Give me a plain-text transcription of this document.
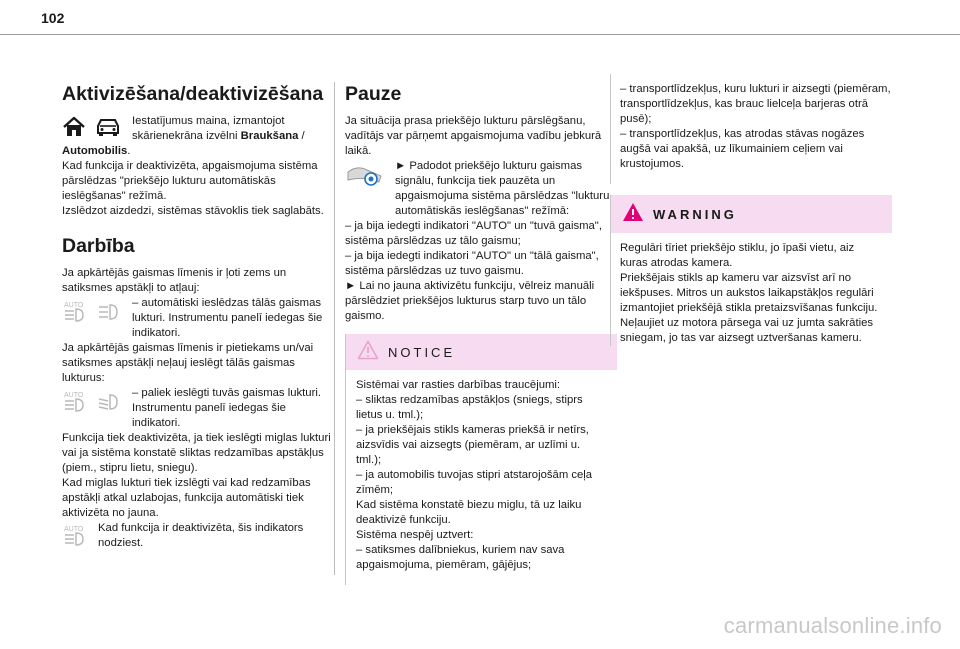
102
Aktivizēšana/deaktivizēšana
Iestatījumus maina, izmantojot skārienekrāna izvēlni Braukšana /
Automobilis.
Kad funkcija ir deaktivizēta, apgaismojuma sistēma pārslēdzas "priekšējo lukturu automātiskās ieslēgšanas" režīmā.
Izslēdzot aizdedzi, sistēmas stāvoklis tiek saglabāts.
Darbība
Ja apkārtējās gaismas līmenis ir ļoti zems un satiksmes apstākļi to atļauj:
AUTO	– automātiski ieslēdzas tālās gaismas lukturi. Instrumentu panelī iedegas šie indikatori.
Ja apkārtējās gaismas līmenis ir pietiekams un/vai satiksmes apstākļi neļauj ieslēgt tālās gaismas lukturus:
AUTO	– paliek ieslēgti tuvās gaismas lukturi. Instrumentu panelī iedegas šie indikatori.
Funkcija tiek deaktivizēta, ja tiek ieslēgti miglas lukturi vai ja sistēma konstatē sliktas redzamības apstākļus (piem., stipru lietu, sniegu).
Kad miglas lukturi tiek izslēgti vai kad redzamības apstākļi atkal uzlabojas, funkcija automātiski tiek aktivizēta no jauna.
AUTO Kad funkcija ir deaktivizēta, šis indikators nodziest.
Pauze
Ja situācija prasa priekšējo lukturu pārslēgšanu, vadītājs var pārņemt apgaismojuma vadību jebkurā laikā.
► Padodot priekšējo lukturu gaismas signālu, funkcija tiek pauzēta un apgaismojuma sistēma pārslēdzas "lukturu automātiskās ieslēgšanas" režīmā:
– ja bija iedegti indikatori "AUTO" un "tuvā gaisma", sistēma pārslēdzas uz tālo gaismu;
– ja bija iedegti indikatori "AUTO" un "tālā gaisma", sistēma pārslēdzas uz tuvo gaismu.
► Lai no jauna aktivizētu funkciju, vēlreiz manuāli pārslēdziet priekšējos lukturus starp tuvo un tālo gaismo.
NOTICE
Sistēmai var rasties darbības traucējumi:
– sliktas redzamības apstākļos (sniegs, stiprs lietus u. tml.);
– ja priekšējais stikls kameras priekšā ir netīrs, aizsvīdis vai aizsegts (piemēram, ar uzlīmi u. tml.);
– ja automobilis tuvojas stipri atstarojošām ceļa zīmēm;
Kad sistēma konstatē biezu miglu, tā uz laiku deaktivizē funkciju.
Sistēma nespēj uztvert:
– satiksmes dalībniekus, kuriem nav sava apgaismojuma, piemēram, gājējus;
– transportlīdzekļus, kuru lukturi ir aizsegti (piemēram, transportlīdzekļus, kas brauc lielceļa barjeras otrā pusē);
– transportlīdzekļus, kas atrodas stāvas nogāzes augšā vai apakšā, uz līkumainiem ceļiem vai krustojumos.
WARNING
Regulāri tīriet priekšējo stiklu, jo īpaši vietu, aiz kuras atrodas kamera.
Priekšējais stikls ap kameru var aizsvīst arī no iekšpuses. Mitros un aukstos laikapstākļos regulāri izmantojiet priekšējā stikla pretaizsvīšanas funkciju.
Neļaujiet uz motora pārsega vai uz jumta sakrāties sniegam, jo tas var aizsegt uztveršanas kameru.
carmanualsonline.info
